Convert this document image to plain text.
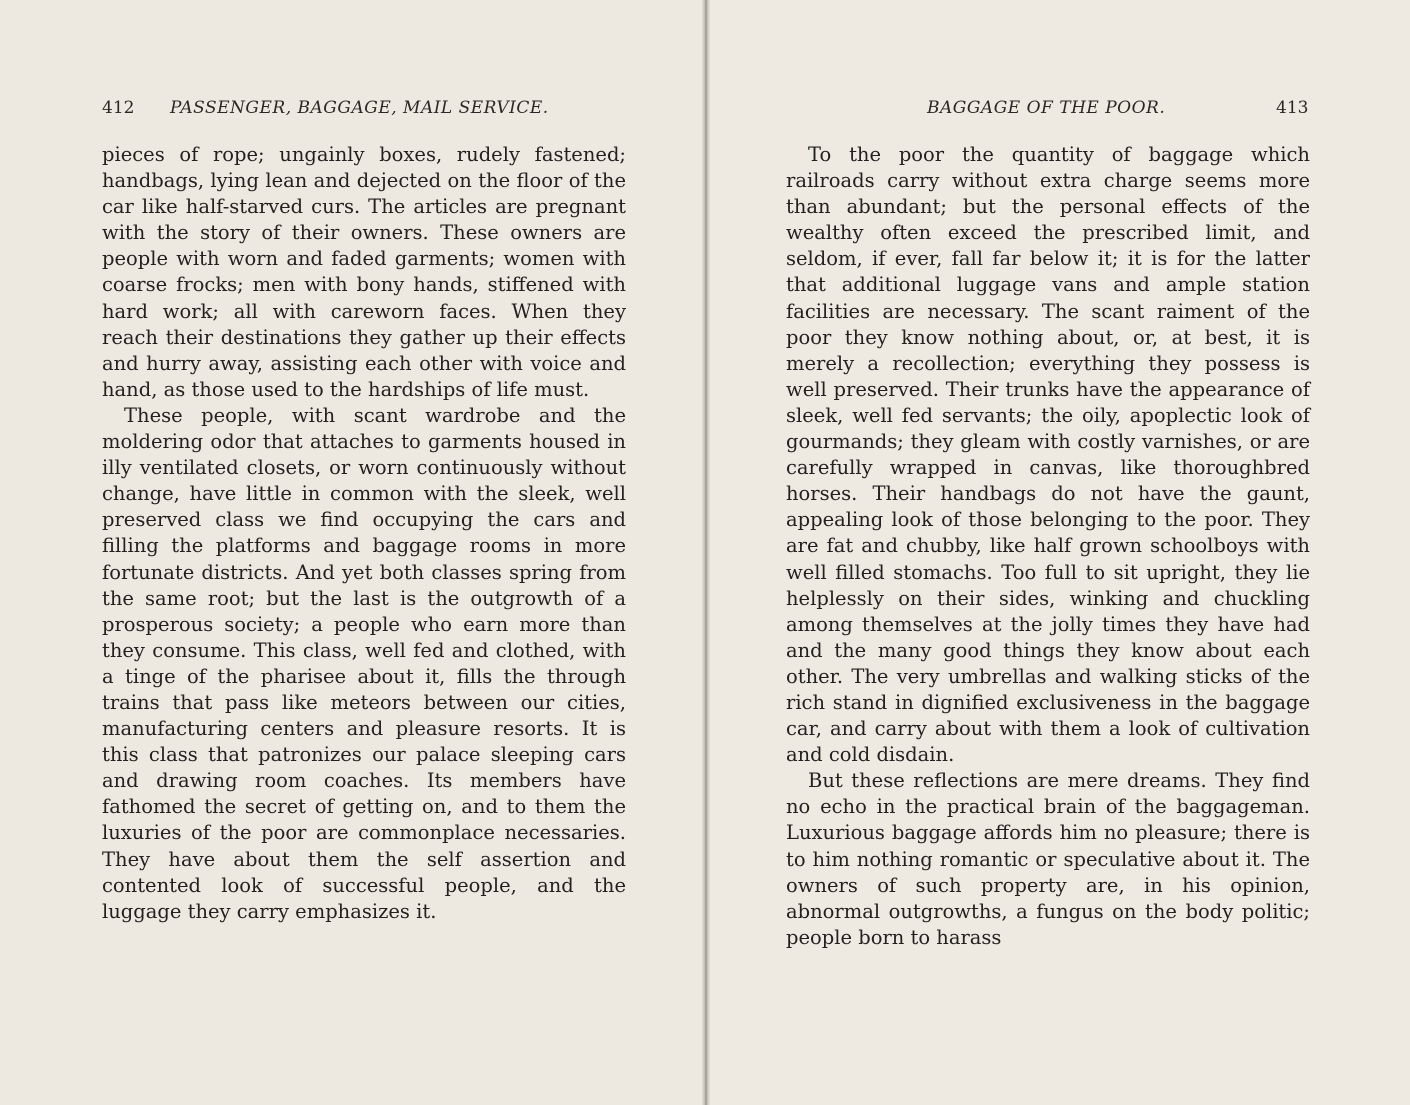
412 PASSENGER, BAGGAGE, MAIL SERVICE.	BAGGAGE OF THE POOR.	413

pieces of rope; ungainly boxes, rudely fastened; handbags, lying lean and dejected on the floor of the car like half-starved curs. The articles are pregnant with the story of their owners. These owners are people with worn and faded garments; women with coarse frocks; men with bony hands, stiffened with hard work; all with careworn faces. When they reach their destinations they gather up their effects and hurry away, assisting each other with voice and hand, as those used to the hardships of life must.

These people, with scant wardrobe and the moldering odor that attaches to garments housed in illy ventilated closets, or worn continuously without change, have little in common with the sleek, well preserved class we find occupying the cars and filling the platforms and baggage rooms in more fortunate districts. And yet both classes spring from the same root; but the last is the outgrowth of a prosperous society; a people who earn more than they consume. This class, well fed and clothed, with a tinge of the pharisee about it, fills the through trains that pass like meteors between our cities, manufacturing centers and pleasure resorts. It is this class that patronizes our palace sleeping cars and drawing room coaches. Its members have fathomed the secret of getting on, and to them the luxuries of the poor are commonplace necessaries. They have about them the self assertion and contented look of successful people, and the luggage they carry emphasizes it.

To the poor the quantity of baggage which railroads carry without extra charge seems more than abundant; but the personal effects of the wealthy often exceed the prescribed limit, and seldom, if ever, fall far below it; it is for the latter that additional luggage vans and ample station facilities are necessary. The scant raiment of the poor they know nothing about, or, at best, it is merely a recollection; everything they possess is well preserved. Their trunks have the appearance of sleek, well fed servants; the oily, apoplectic look of gourmands; they gleam with costly varnishes, or are carefully wrapped in canvas, like thoroughbred horses. Their handbags do not have the gaunt, appealing look of those belonging to the poor. They are fat and chubby, like half grown schoolboys with well filled stomachs. Too full to sit upright, they lie helplessly on their sides, winking and chuckling among themselves at the jolly times they have had and the many good things they know about each other. The very umbrellas and walking sticks of the rich stand in dignified exclusiveness in the baggage car, and carry about with them a look of cultivation and cold disdain.

But these reflections are mere dreams. They find no echo in the practical brain of the baggageman. Luxurious baggage affords him no pleasure; there is to him nothing romantic or speculative about it. The owners of such property are, in his opinion, abnormal outgrowths, a fungus on the body politic; people born to harass
